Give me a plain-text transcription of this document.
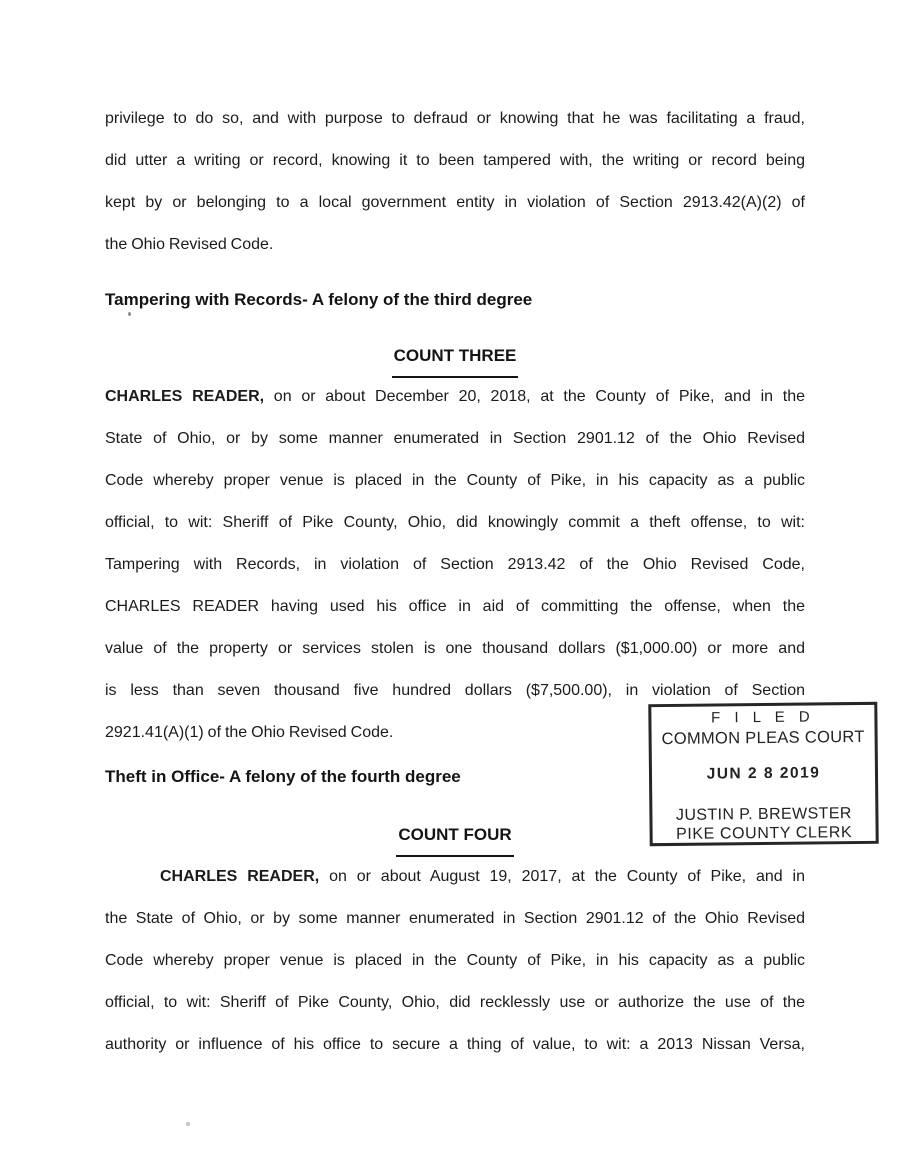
privilege to do so, and with purpose to defraud or knowing that he was facilitating a fraud,
did utter a writing or record, knowing it to been tampered with, the writing or record being
kept by or belonging to a local government entity in violation of Section 2913.42(A)(2) of
the Ohio Revised Code.
Tampering with Records- A felony of the third degree
COUNT THREE
CHARLES READER, on or about December 20, 2018, at the County of Pike, and in the
State of Ohio, or by some manner enumerated in Section 2901.12 of the Ohio Revised
Code whereby proper venue is placed in the County of Pike, in his capacity as a public
official, to wit: Sheriff of Pike County, Ohio, did knowingly commit a theft offense, to wit:
Tampering with Records, in violation of Section 2913.42 of the Ohio Revised Code,
CHARLES READER having used his office in aid of committing the offense, when the
value of the property or services stolen is one thousand dollars ($1,000.00) or more and
is less than seven thousand five hundred dollars ($7,500.00), in violation of Section
2921.41(A)(1) of the Ohio Revised Code.
Theft in Office- A felony of the fourth degree
COUNT FOUR
CHARLES READER, on or about August 19, 2017, at the County of Pike, and in
the State of Ohio, or by some manner enumerated in Section 2901.12 of the Ohio Revised
Code whereby proper venue is placed in the County of Pike, in his capacity as a public
official, to wit: Sheriff of Pike County, Ohio, did recklessly use or authorize the use of the
authority or influence of his office to secure a thing of value, to wit: a 2013 Nissan Versa,
F I L E D
COMMON PLEAS COURT
JUN 2 8 2019
JUSTIN P. BREWSTER
PIKE COUNTY CLERK
